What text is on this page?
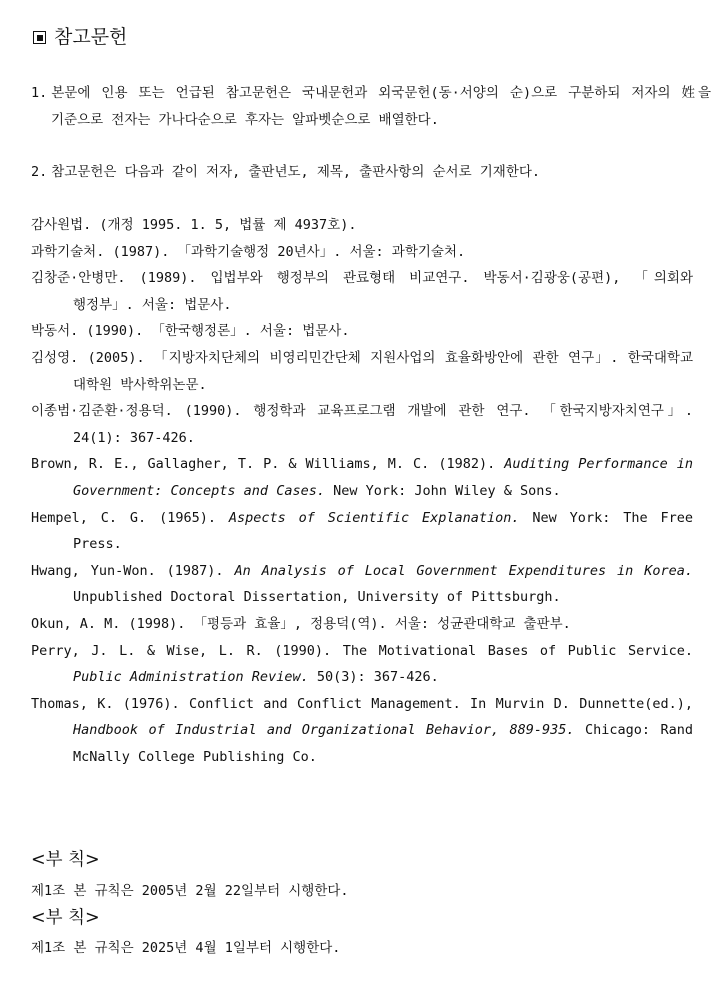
참고문헌

1. 본문에 인용 또는 언급된 참고문헌은 국내문헌과 외국문헌(동·서양의 순)으로 구분하되 저자의 姓을 기준으로 전자는 가나다순으로 후자는 알파벳순으로 배열한다.

2. 참고문헌은 다음과 같이 저자, 출판년도, 제목, 출판사항의 순서로 기재한다.

감사원법. (개정 1995. 1. 5, 법률 제 4937호).
과학기술처. (1987). 「과학기술행정 20년사」. 서울: 과학기술처.
김창준·안병만. (1989). 입법부와 행정부의 관료형태 비교연구. 박동서·김광웅(공편), 「의회와 행정부」. 서울: 법문사.
박동서. (1990). 「한국행정론」. 서울: 법문사.
김성영. (2005). 「지방자치단체의 비영리민간단체 지원사업의 효율화방안에 관한 연구」. 한국대학교 대학원 박사학위논문.
이종범·김준환·정용덕. (1990). 행정학과 교육프로그램 개발에 관한 연구. 「한국지방자치연구」. 24(1): 367-426.
Brown, R. E., Gallagher, T. P. & Williams, M. C. (1982). Auditing Performance in Government: Concepts and Cases. New York: John Wiley & Sons.
Hempel, C. G. (1965). Aspects of Scientific Explanation. New York: The Free Press.
Hwang, Yun-Won. (1987). An Analysis of Local Government Expenditures in Korea. Unpublished Doctoral Dissertation, University of Pittsburgh.
Okun, A. M. (1998). 「평등과 효율」, 정용덕(역). 서울: 성균관대학교 출판부.
Perry, J. L. & Wise, L. R. (1990). The Motivational Bases of Public Service. Public Administration Review. 50(3): 367-426.
Thomas, K. (1976). Conflict and Conflict Management. In Murvin D. Dunnette(ed.), Handbook of Industrial and Organizational Behavior, 889-935. Chicago: Rand McNally College Publishing Co.
<부 칙>
제1조 본 규칙은 2005년 2월 22일부터 시행한다.
<부 칙>
제1조 본 규칙은 2025년 4월 1일부터 시행한다.
